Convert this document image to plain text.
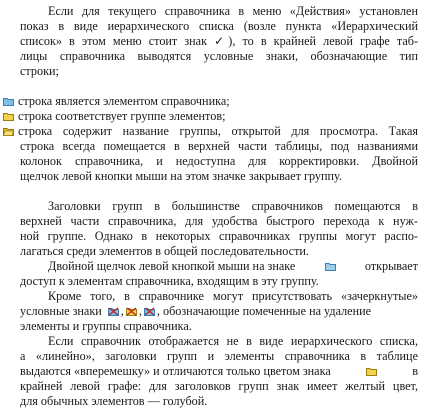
Если для текущего справочника в меню «Действия» установлен
показ в виде иерархического списка (возле пункта «Иерархический
список» в этом меню стоит знак ✓), то в крайней левой графе таб-
лицы справочника выводятся условные знаки, обозначающие тип
строки;
строка является элементом справочника;
строка соответствует группе элементов;
строка содержит название группы, открытой для просмотра. Такая
строка всегда помещается в верхней части таблицы, под названиями
колонок справочника, и недоступна для корректировки. Двойной
щелчок левой кнопки мыши на этом значке закрывает группу.
Заголовки групп в большинстве справочников помещаются в
верхней части справочника, для удобства быстрого перехода к нуж-
ной группе. Однако в некоторых справочниках группы могут распо-
лагаться среди элементов в общей последовательности.
Двойной щелчок левой кнопкой мыши на знаке	открывает
доступ к элементам справочника, входящим в эту группу.
Кроме того, в справочнике могут присутствовать «зачеркнутые»
условные знаки , , , обозначающие помеченные на удаление
элементы и группы справочника.
Если справочник отображается не в виде иерархического списка,
а «линейно», заголовки групп и элементы справочника в таблице
выдаются «вперемешку» и отличаются только цветом знака	в
крайней левой графе: для заголовков групп знак имеет желтый цвет,
для обычных элементов — голубой.
